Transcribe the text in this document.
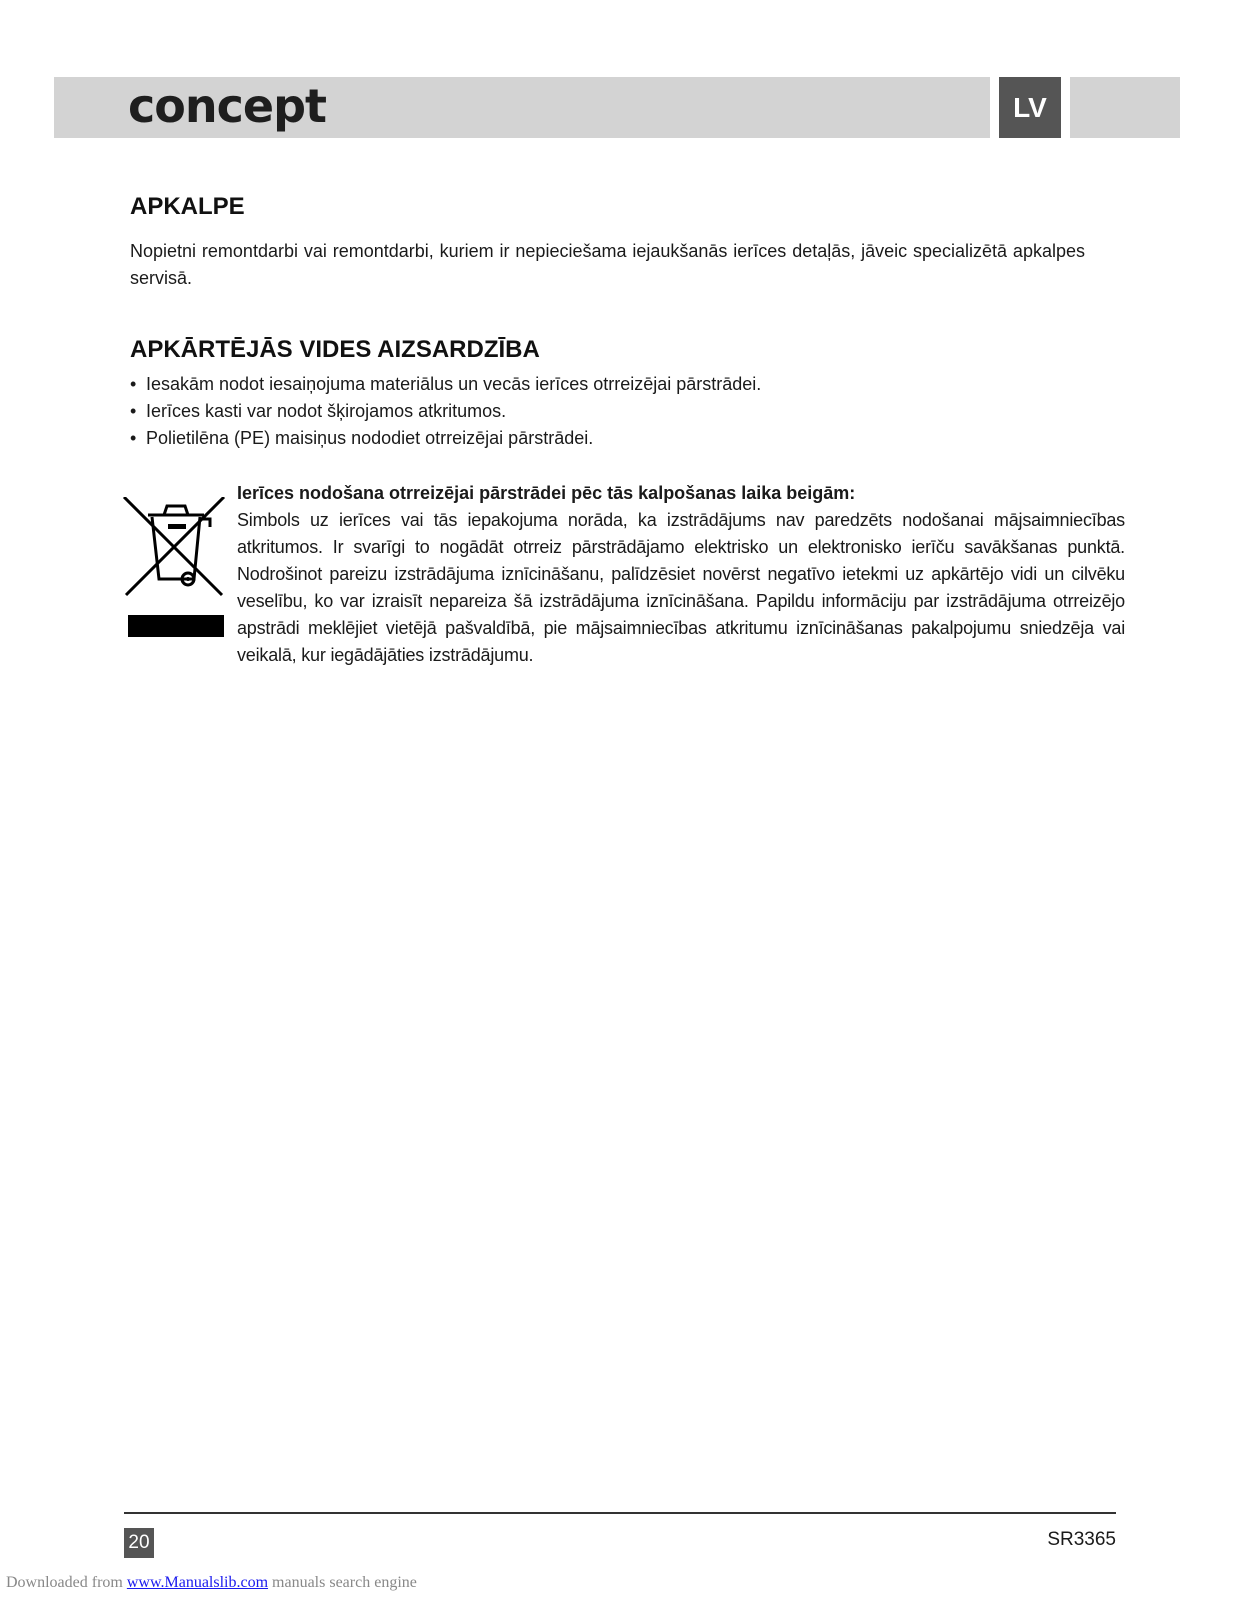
concept	LV
APKALPE

Nopietni remontdarbi vai remontdarbi, kuriem ir nepieciešama iejaukšanās ierīces detaļās, jāveic specializētā apkalpes servisā.

APKĀRTĒJĀS VIDES AIZSARDZĪBA
• Iesakām nodot iesaiņojuma materiālus un vecās ierīces otrreizējai pārstrādei.
• Ierīces kasti var nodot šķirojamos atkritumos.
• Polietilēna (PE) maisiņus nododiet otrreizējai pārstrādei.

Ierīces nodošana otrreizējai pārstrādei pēc tās kalpošanas laika beigām:

Simbols uz ierīces vai tās iepakojuma norāda, ka izstrādājums nav paredzēts nodošanai mājsaimniecības atkritumos. Ir svarīgi to nogādāt otrreiz pārstrādājamo elektrisko un elektronisko ierīču savākšanas punktā. Nodrošinot pareizu izstrādājuma iznīcināšanu, palīdzēsiet novērst negatīvo ietekmi uz apkārtējo vidi un cilvēku veselību, ko var izraisīt nepareiza šā izstrādājuma iznīcināšana. Papildu informāciju par izstrādājuma otrreizējo apstrādi meklējiet vietējā pašvaldībā, pie mājsaimniecības atkritumu iznīcināšanas pakalpojumu sniedzēja vai veikalā, kur iegādājāties izstrādājumu.

20	SR3365
Downloaded from www.Manualslib.com manuals search engine
